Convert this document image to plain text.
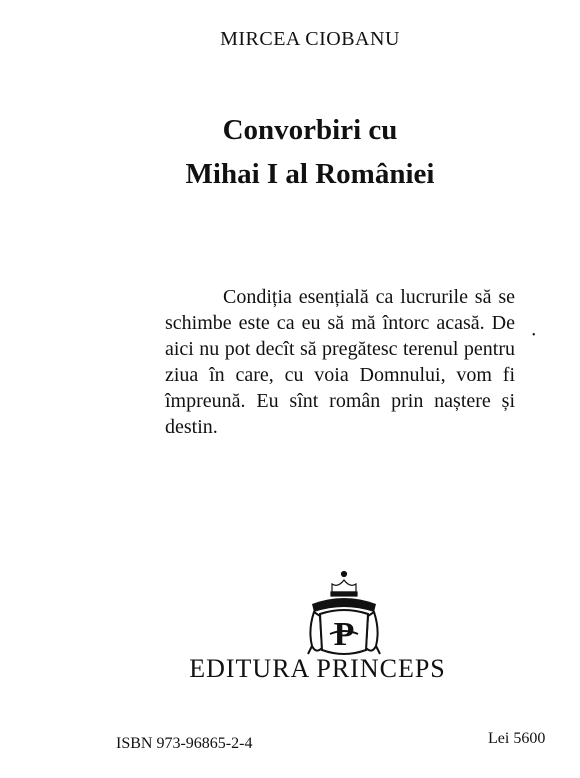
MIRCEA CIOBANU
Convorbiri cu
Mihai I al României

Condiția esențială ca lucrurile să se schimbe este ca eu să mă întorc acasă. De aici nu pot decît să pregătesc terenul pentru ziua în care, cu voia Domnului, vom fi împreună. Eu sînt român prin naștere și destin.

•
P
EDITURA PRINCEPS
ISBN 973-96865-2-4	Lei 5600
